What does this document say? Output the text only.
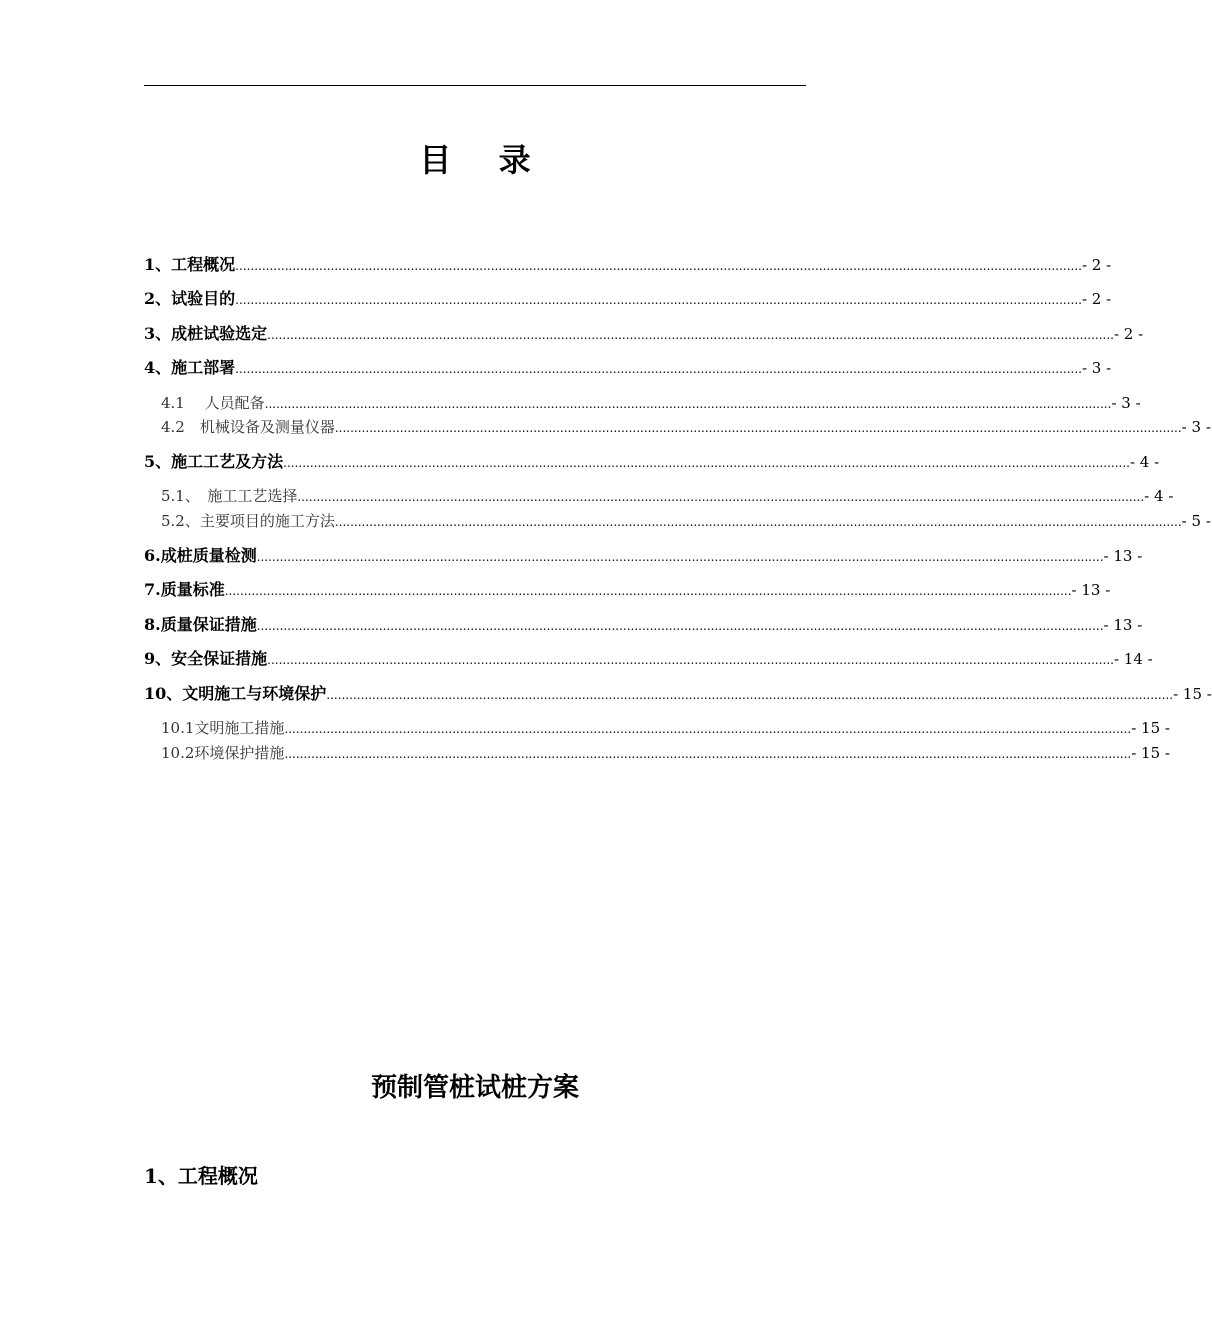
目 录
1、工程概况 .............................................................................................................................................................................................................................. - 2 -
2、试验目的 .............................................................................................................................................................................................................................. - 2 -
3、成桩试验选定 .............................................................................................................................................................................................................................. - 2 -
4、施工部署 .............................................................................................................................................................................................................................. - 3 -
4.1　 人员配备 .............................................................................................................................................................................................................................. - 3 -
4.2　机械设备及测量仪器 .............................................................................................................................................................................................................................. - 3 -
5、施工工艺及方法 .............................................................................................................................................................................................................................. - 4 -
5.1、　施工工艺选择 .............................................................................................................................................................................................................................. - 4 -
5.2、主要项目的施工方法 .............................................................................................................................................................................................................................. - 5 -
6.成桩质量检测 .............................................................................................................................................................................................................................. - 13 -
7.质量标准 .............................................................................................................................................................................................................................. - 13 -
8.质量保证措施 .............................................................................................................................................................................................................................. - 13 -
9、安全保证措施 .............................................................................................................................................................................................................................. - 14 -
10、文明施工与环境保护 .............................................................................................................................................................................................................................. - 15 -
10.1文明施工措施 .............................................................................................................................................................................................................................. - 15 -
10.2环境保护措施 .............................................................................................................................................................................................................................. - 15 -
预制管桩试桩方案
1、工程概况
